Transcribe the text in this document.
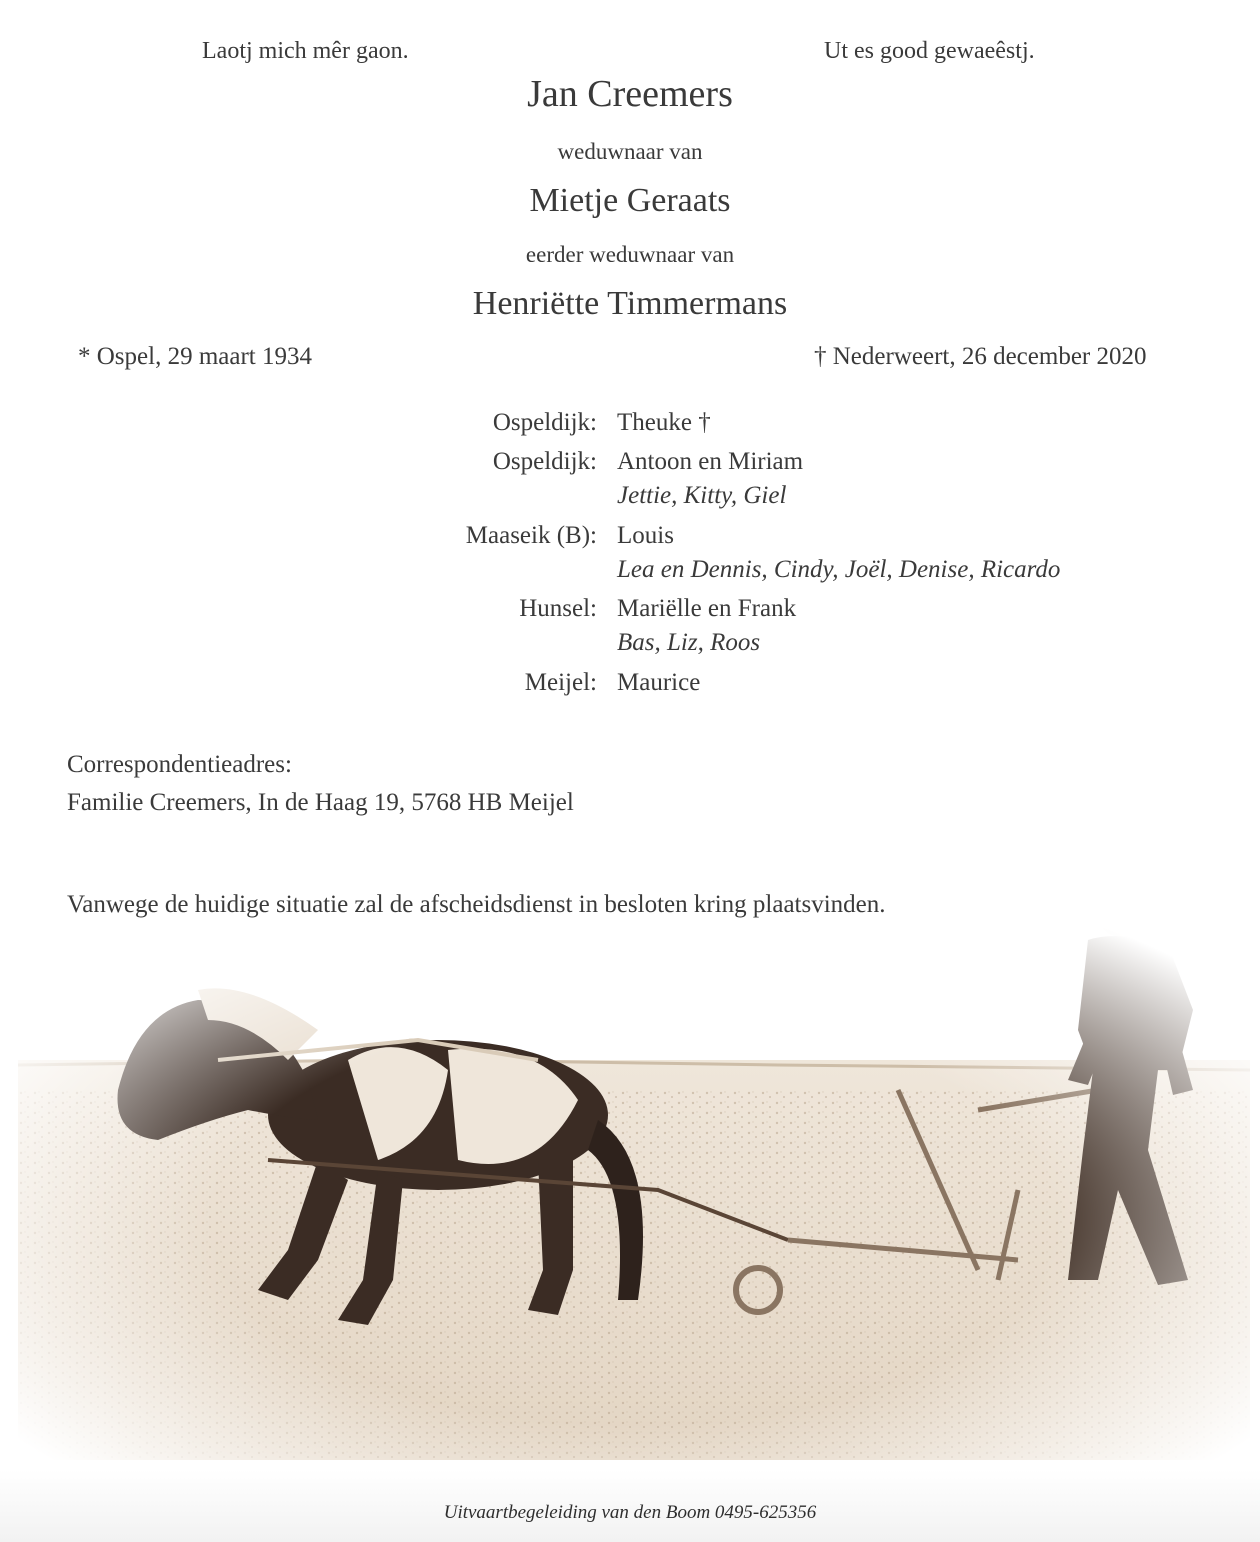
Laotj mich mêr gaon.	Ut es good gewaeêstj.
Jan Creemers
weduwnaar van
Mietje Geraats
eerder weduwnaar van
Henriëtte Timmermans
* Ospel, 29 maart 1934	† Nederweert, 26 december 2020
Ospeldijk: Theuke †
Ospeldijk: Antoon en Miriam
Jettie, Kitty, Giel
Maaseik (B): Louis
Lea en Dennis, Cindy, Joël, Denise, Ricardo
Hunsel: Mariëlle en Frank
Bas, Liz, Roos
Meijel: Maurice
Correspondentieadres:
Familie Creemers, In de Haag 19, 5768 HB Meijel
Vanwege de huidige situatie zal de afscheidsdienst in besloten kring plaatsvinden.
Uitvaartbegeleiding van den Boom 0495-625356
